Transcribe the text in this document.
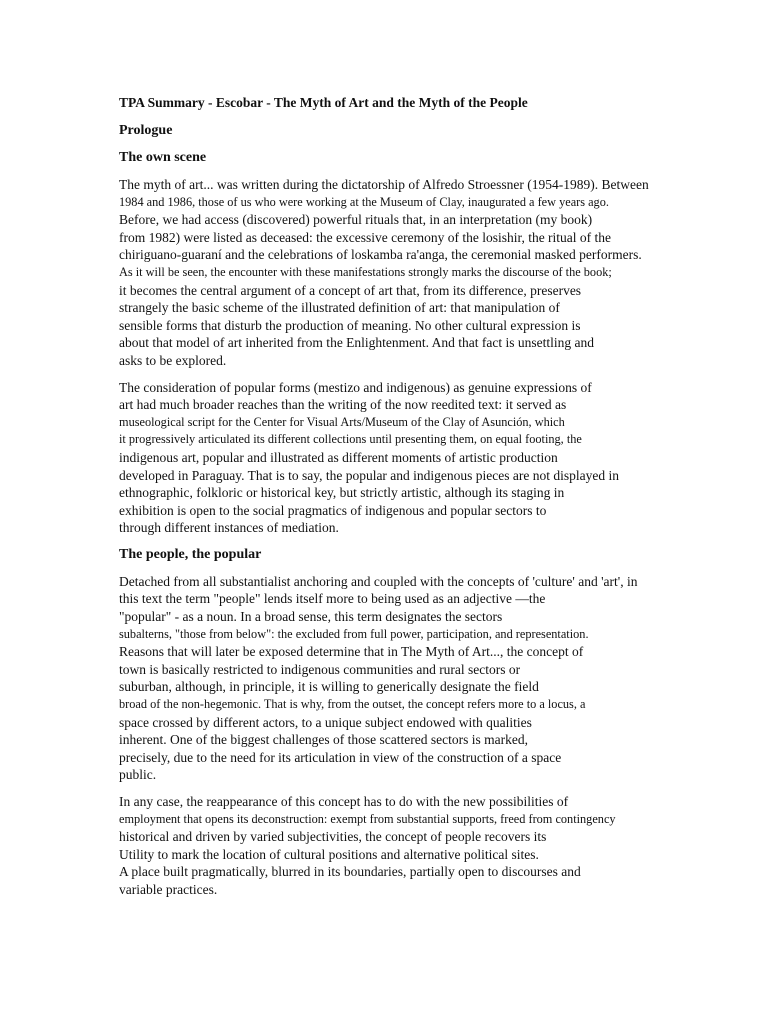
TPA Summary - Escobar - The Myth of Art and the Myth of the People
Prologue
The own scene
The myth of art... was written during the dictatorship of Alfredo Stroessner (1954-1989). Between
1984 and 1986, those of us who were working at the Museum of Clay, inaugurated a few years ago.
Before, we had access (discovered) powerful rituals that, in an interpretation (my book)
from 1982) were listed as deceased: the excessive ceremony of the losishir, the ritual of the
chiriguano-guaraní and the celebrations of loskamba ra'anga, the ceremonial masked performers.
As it will be seen, the encounter with these manifestations strongly marks the discourse of the book;
it becomes the central argument of a concept of art that, from its difference, preserves
strangely the basic scheme of the illustrated definition of art: that manipulation of
sensible forms that disturb the production of meaning. No other cultural expression is
about that model of art inherited from the Enlightenment. And that fact is unsettling and
asks to be explored.
The consideration of popular forms (mestizo and indigenous) as genuine expressions of
art had much broader reaches than the writing of the now reedited text: it served as
museological script for the Center for Visual Arts/Museum of the Clay of Asunción, which
it progressively articulated its different collections until presenting them, on equal footing, the
indigenous art, popular and illustrated as different moments of artistic production
developed in Paraguay. That is to say, the popular and indigenous pieces are not displayed in
ethnographic, folkloric or historical key, but strictly artistic, although its staging in
exhibition is open to the social pragmatics of indigenous and popular sectors to
through different instances of mediation.
The people, the popular
Detached from all substantialist anchoring and coupled with the concepts of 'culture' and 'art', in
this text the term "people" lends itself more to being used as an adjective —the
"popular" - as a noun. In a broad sense, this term designates the sectors
subalterns, "those from below": the excluded from full power, participation, and representation.
Reasons that will later be exposed determine that in The Myth of Art..., the concept of
town is basically restricted to indigenous communities and rural sectors or
suburban, although, in principle, it is willing to generically designate the field
broad of the non-hegemonic. That is why, from the outset, the concept refers more to a locus, a
space crossed by different actors, to a unique subject endowed with qualities
inherent. One of the biggest challenges of those scattered sectors is marked,
precisely, due to the need for its articulation in view of the construction of a space
public.
In any case, the reappearance of this concept has to do with the new possibilities of
employment that opens its deconstruction: exempt from substantial supports, freed from contingency
historical and driven by varied subjectivities, the concept of people recovers its
Utility to mark the location of cultural positions and alternative political sites.
A place built pragmatically, blurred in its boundaries, partially open to discourses and
variable practices.
